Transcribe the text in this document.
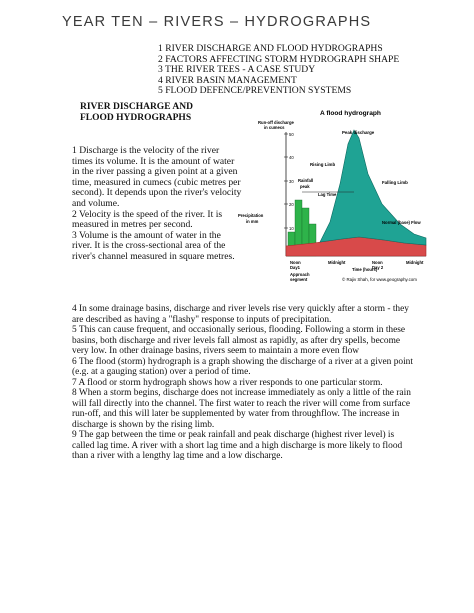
YEAR TEN – RIVERS – HYDROGRAPHS
1 RIVER DISCHARGE AND FLOOD HYDROGRAPHS
2 FACTORS AFFECTING STORM HYDROGRAPH SHAPE
3 THE RIVER TEES - A CASE STUDY
4 RIVER BASIN MANAGEMENT
5 FLOOD DEFENCE/PREVENTION SYSTEMS
RIVER DISCHARGE AND
FLOOD HYDROGRAPHS

1 Discharge is the velocity of the river times its volume. It is the amount of water in the river passing a given point at a given time, measured in cumecs (cubic metres per second). It depends upon the river's velocity and volume.

2 Velocity is the speed of the river. It is measured in metres per second.

3 Volume is the amount of water in the river. It is the cross-sectional area of the river's channel measured in square metres.

A flood hydrograph
Run-off discharge in cumecs
50
40
30
20
10
Precipitation in mm
Peak discharge
Rising Limb
Falling Limb
Rainfall peak
Lag Time
Normal (base) Flow
Noon Day1
Midnight	Noon Day 2
Midnight
Time (hours)
Approach segment	© Rajiv Shah, for www.geography.com

4 In some drainage basins, discharge and river levels rise very quickly after a storm - they are described as having a "flashy" response to inputs of precipitation.

5 This can cause frequent, and occasionally serious, flooding. Following a storm in these basins, both discharge and river levels fall almost as rapidly, as after dry spells, become very low. In other drainage basins, rivers seem to maintain a more even flow

6 The flood (storm) hydrograph is a graph showing the discharge of a river at a given point (e.g. at a gauging station) over a period of time.

7 A flood or storm hydrograph shows how a river responds to one particular storm.

8 When a storm begins, discharge does not increase immediately as only a little of the rain will fall directly into the channel. The first water to reach the river will come from surface run-off, and this will later be supplemented by water from throughflow. The increase in discharge is shown by the rising limb.

9 The gap between the time or peak rainfall and peak discharge (highest river level) is called lag time. A river with a short lag time and a high discharge is more likely to flood than a river with a lengthy lag time and a low discharge.
